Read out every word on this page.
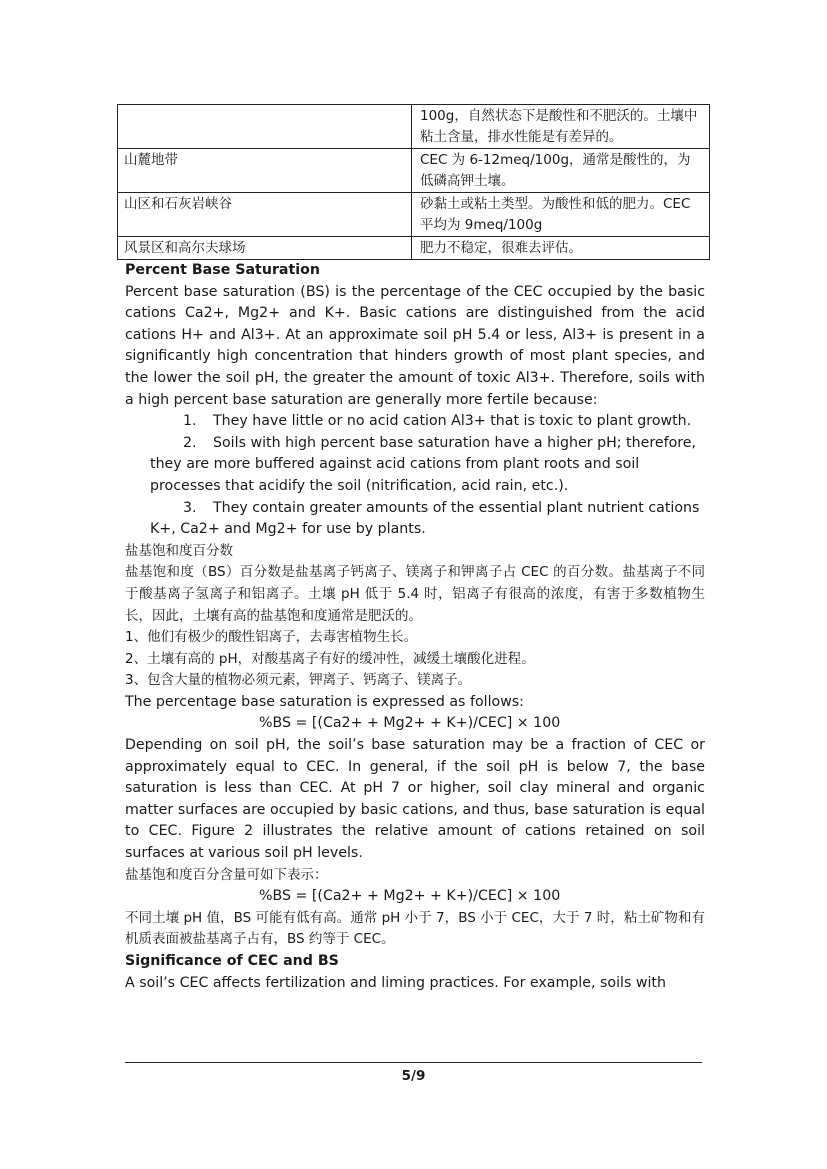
	100g，自然状态下是酸性和不肥沃的。土壤中粘土含量，排水性能是有差异的。
山麓地带	CEC 为 6-12meq/100g，通常是酸性的，为低磷高钾土壤。
山区和石灰岩峡谷	砂黏土或粘土类型。为酸性和低的肥力。CEC 平均为 9meq/100g
风景区和高尔夫球场	肥力不稳定，很难去评估。

Percent Base Saturation

Percent base saturation (BS) is the percentage of the CEC occupied by the basic cations Ca2+, Mg2+ and K+. Basic cations are distinguished from the acid cations H+ and Al3+. At an approximate soil pH 5.4 or less, Al3+ is present in a significantly high concentration that hinders growth of most plant species, and the lower the soil pH, the greater the amount of toxic Al3+. Therefore, soils with a high percent base saturation are generally more fertile because:

1. They have little or no acid cation Al3+ that is toxic to plant growth.

2. Soils with high percent base saturation have a higher pH; therefore, they are more buffered against acid cations from plant roots and soil processes that acidify the soil (nitrification, acid rain, etc.).

3. They contain greater amounts of the essential plant nutrient cations K+, Ca2+ and Mg2+ for use by plants.

盐基饱和度百分数

盐基饱和度（BS）百分数是盐基离子钙离子、镁离子和钾离子占 CEC 的百分数。盐基离子不同于酸基离子氢离子和铝离子。土壤 pH 低于 5.4 时，铝离子有很高的浓度，有害于多数植物生长，因此，土壤有高的盐基饱和度通常是肥沃的。

1、他们有极少的酸性铝离子，去毒害植物生长。

2、土壤有高的 pH，对酸基离子有好的缓冲性，减缓土壤酸化进程。

3、包含大量的植物必须元素，钾离子、钙离子、镁离子。

The percentage base saturation is expressed as follows:

%BS = [(Ca2+ + Mg2+ + K+)/CEC] × 100

Depending on soil pH, the soil’s base saturation may be a fraction of CEC or approximately equal to CEC. In general, if the soil pH is below 7, the base saturation is less than CEC. At pH 7 or higher, soil clay mineral and organic matter surfaces are occupied by basic cations, and thus, base saturation is equal to CEC. Figure 2 illustrates the relative amount of cations retained on soil surfaces at various soil pH levels.

盐基饱和度百分含量可如下表示：

%BS = [(Ca2+ + Mg2+ + K+)/CEC] × 100

不同土壤 pH 值，BS 可能有低有高。通常 pH 小于 7，BS 小于 CEC，大于 7 时，粘土矿物和有机质表面被盐基离子占有，BS 约等于 CEC。

Significance of CEC and BS

A soil’s CEC affects fertilization and liming practices. For example, soils with

5/9
